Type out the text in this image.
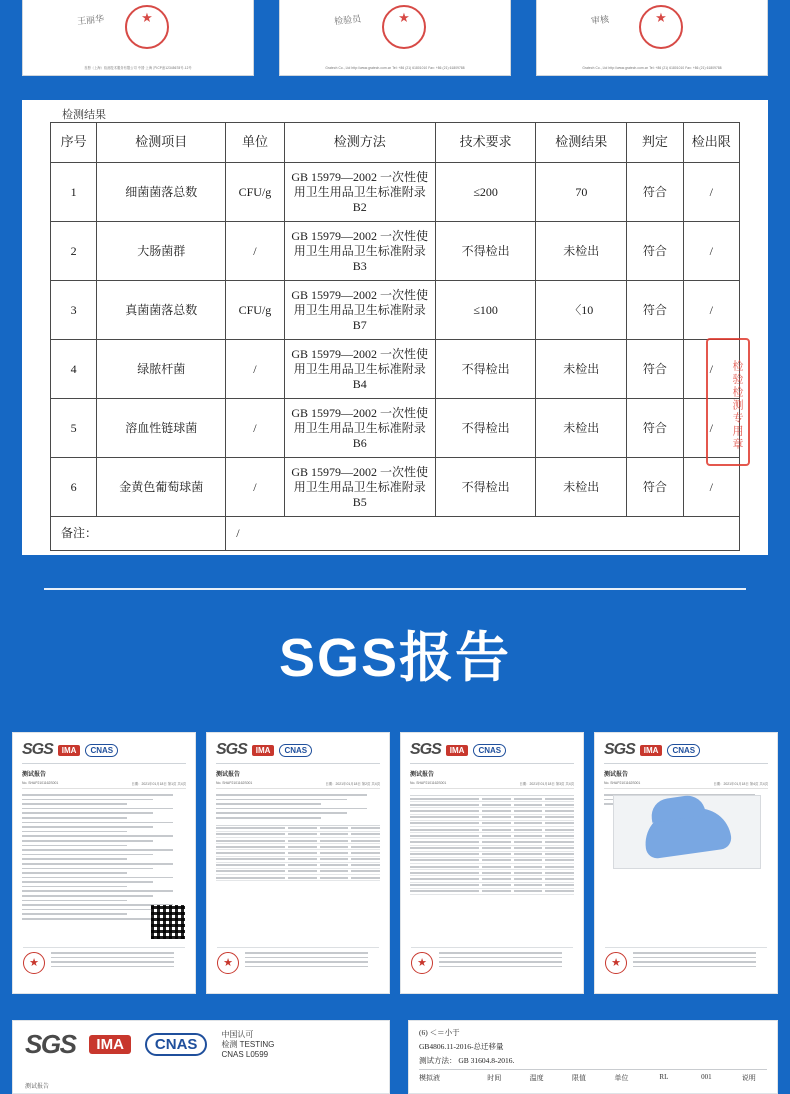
王丽华	★
首册（上海）检测技术服务有限公司 中国·上海 沪ICP备12345678号-12号
检验员	★
Gratech Co., Ltd http://www.gratech.com.cn Tel: +86 (21) 61801010 Fax: +86 (21) 61809788
审核	★
Gratech Co., Ltd http://www.gratech.com.cn Tel: +86 (21) 61801010 Fax: +86 (21) 61809788
检测结果
序号	检测项目	单位	检测方法	技术要求	检测结果	判定	检出限
1	细菌菌落总数	CFU/g	GB 15979—2002 一次性使用卫生用品卫生标准附录B2	≤200	70	符合	/
2	大肠菌群	/	GB 15979—2002 一次性使用卫生用品卫生标准附录B3	不得检出	未检出	符合	/
3	真菌菌落总数	CFU/g	GB 15979—2002 一次性使用卫生用品卫生标准附录B7	≤100	〈10	符合	/
4	绿脓杆菌	/	GB 15979—2002 一次性使用卫生用品卫生标准附录B4	不得检出	未检出	符合	/
5	溶血性链球菌	/	GB 15979—2002 一次性使用卫生用品卫生标准附录B6	不得检出	未检出	符合	/
6	金黄色葡萄球菌	/	GB 15979—2002 一次性使用卫生用品卫生标准附录B5	不得检出	未检出	符合	/
备注：		/					
检验检测专用章
SGS报告
SGS	IMA	CNAS
测试报告
No. SHAP2101162S001	日期：2021年01月18日 第1页 共4页
★
SGS	IMA	CNAS
测试报告
No. SHAP2101162S001	日期：2021年01月18日 第2页 共4页
★
SGS	IMA	CNAS
测试报告
No. SHAP2101162S001	日期：2021年01月18日 第3页 共4页
★
SGS	IMA	CNAS
测试报告
No. SHAP2101162S001	日期：2021年01月18日 第4页 共4页
★
SGS	IMA	CNAS
中国认可
检测 TESTING
CNAS L0599
测试报告
(6) ＜＝小于
GB4806.11-2016-总迁移量
测试方法： GB 31604.8-2016.
模拟液	时间	温度	限值	单位	RL	001	说明
